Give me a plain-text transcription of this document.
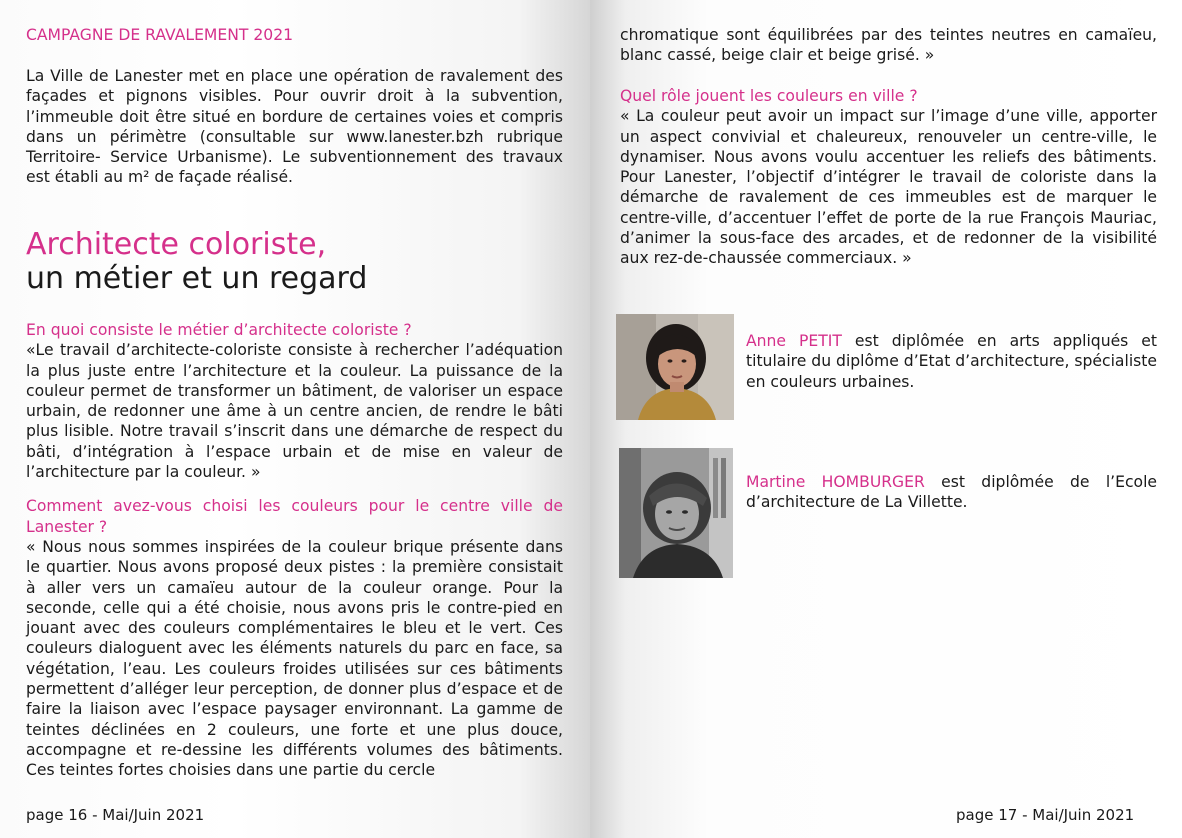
CAMPAGNE DE RAVALEMENT 2021

La Ville de Lanester met en place une opération de ravalement des façades et pignons visibles. Pour ouvrir droit à la subvention, l’immeuble doit être situé en bordure de certaines voies et compris dans un périmètre (consultable sur www.lanester.bzh rubrique Territoire- Service Urbanisme). Le subventionnement des travaux est établi au m² de façade réalisé.

Architecte coloriste,

un métier et un regard

En quoi consiste le métier d’architecte coloriste ?

«Le travail d’architecte-coloriste consiste à rechercher l’adéquation la plus juste entre l’architecture et la couleur. La puissance de la couleur permet de transformer un bâtiment, de valoriser un espace urbain, de redonner une âme à un centre ancien, de rendre le bâti plus lisible. Notre travail s’inscrit dans une démarche de respect du bâti, d’intégration à l’espace urbain et de mise en valeur de l’architecture par la couleur. »

Comment avez-vous choisi les couleurs pour le centre ville de Lanester ?

« Nous nous sommes inspirées de la couleur brique présente dans le quartier. Nous avons proposé deux pistes : la première consistait à aller vers un camaïeu autour de la couleur orange. Pour la seconde, celle qui a été choisie, nous avons pris le contre-pied en jouant avec des couleurs complémentaires le bleu et le vert. Ces couleurs dialoguent avec les éléments naturels du parc en face, sa végétation, l’eau. Les couleurs froides utilisées sur ces bâtiments permettent d’alléger leur perception, de donner plus d’espace et de faire la liaison avec l’espace paysager environnant. La gamme de teintes déclinées en 2 couleurs, une forte et une plus douce, accompagne et re-dessine les différents volumes des bâtiments. Ces teintes fortes choisies dans une partie du cercle

page 16 - Mai/Juin 2021

chromatique sont équilibrées par des teintes neutres en camaïeu, blanc cassé, beige clair et beige grisé. »

Quel rôle jouent les couleurs en ville ?

« La couleur peut avoir un impact sur l’image d’une ville, apporter un aspect convivial et chaleureux, renouveler un centre-ville, le dynamiser. Nous avons voulu accentuer les reliefs des bâtiments. Pour Lanester, l’objectif d’intégrer le travail de coloriste dans la démarche de ravalement de ces immeubles est de marquer le centre-ville, d’accentuer l’effet de porte de la rue François Mauriac, d’animer la sous-face des arcades, et de redonner de la visibilité aux rez-de-chaussée commerciaux. »

Anne PETIT est diplômée en arts appliqués et titulaire du diplôme d’Etat d’architecture, spécialiste en couleurs urbaines.
Martine HOMBURGER est diplômée de l’Ecole d’architecture de La Villette.
page 17 - Mai/Juin 2021
